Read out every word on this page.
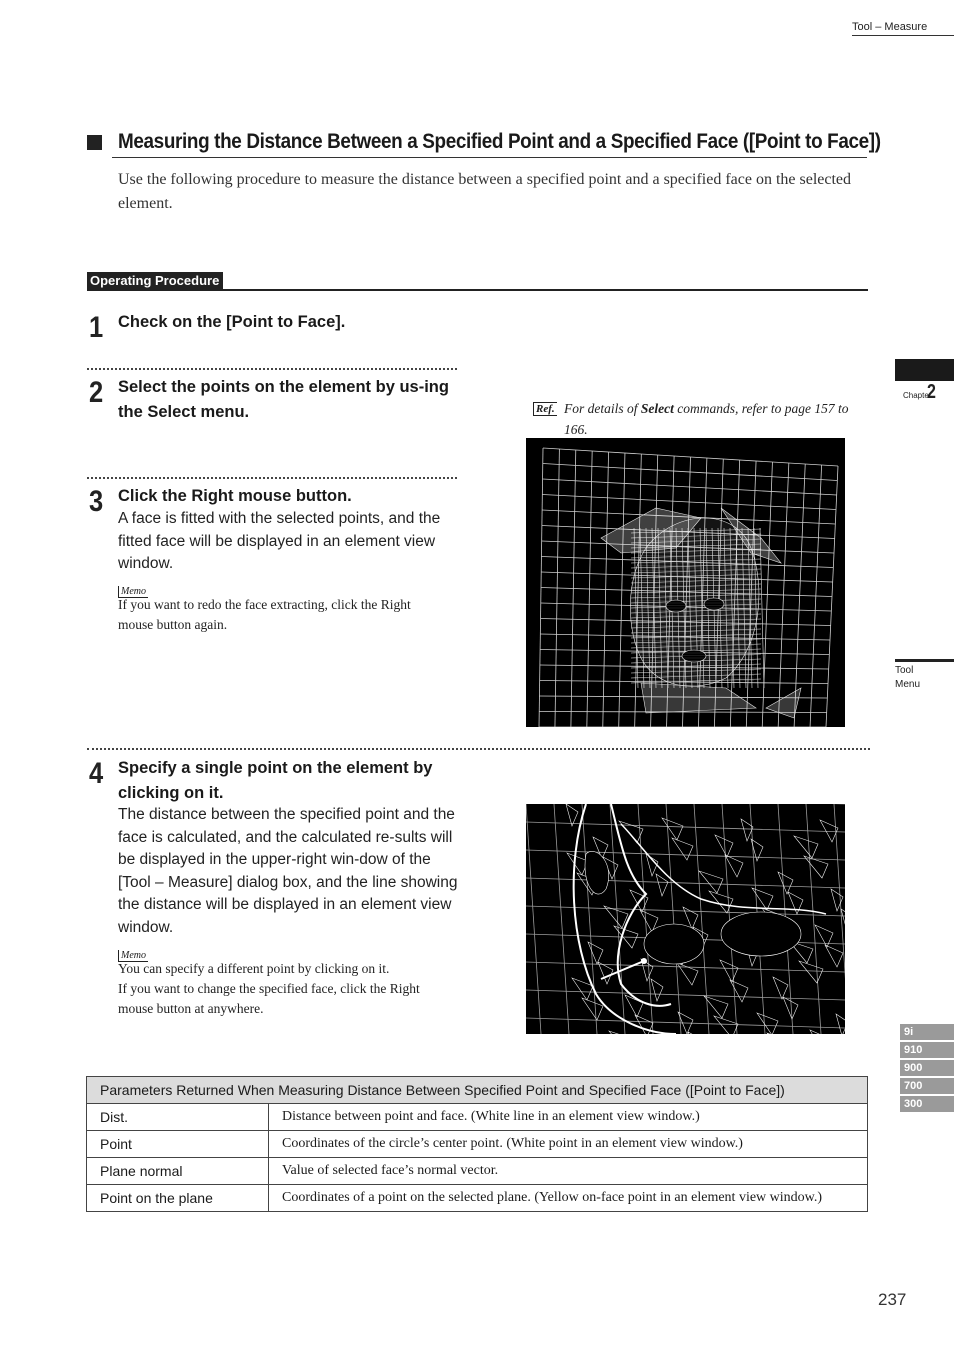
Tool – Measure
Measuring the Distance Between a Specified Point and a Specified Face ([Point to Face])
Use the following procedure to measure the distance between a specified point and a specified face on the selected element.
Operating Procedure
1 Check on the [Point to Face].
2 Select the points on the element by us-ing the Select menu.	Ref. For details of Select commands, refer to page 157 to 166.
3 Click the Right mouse button.
A face is fitted with the selected points, and the fitted face will be displayed in an element view window.
Memo
If you want to redo the face extracting, click the Right mouse button again.
4 Specify a single point on the element by clicking on it.
The distance between the specified point and the face is calculated, and the calculated re-sults will be displayed in the upper-right win-dow of the [Tool – Measure] dialog box, and the line showing the distance will be displayed in an element view window.
Memo
You can specify a different point by clicking on it.
If you want to change the specified face, click the Right mouse button at anywhere.
Chapter
2
Tool
Menu
9i
910
900
700
300
Parameters Returned When Measuring Distance Between Specified Point and Specified Face ([Point to Face])	
Dist.	Distance between point and face. (White line in an element view window.)
Point	Coordinates of the circle’s center point. (White point in an element view window.)
Plane normal	Value of selected face’s normal vector.
Point on the plane	Coordinates of a point on the selected plane. (Yellow on-face point in an element view window.)
237
